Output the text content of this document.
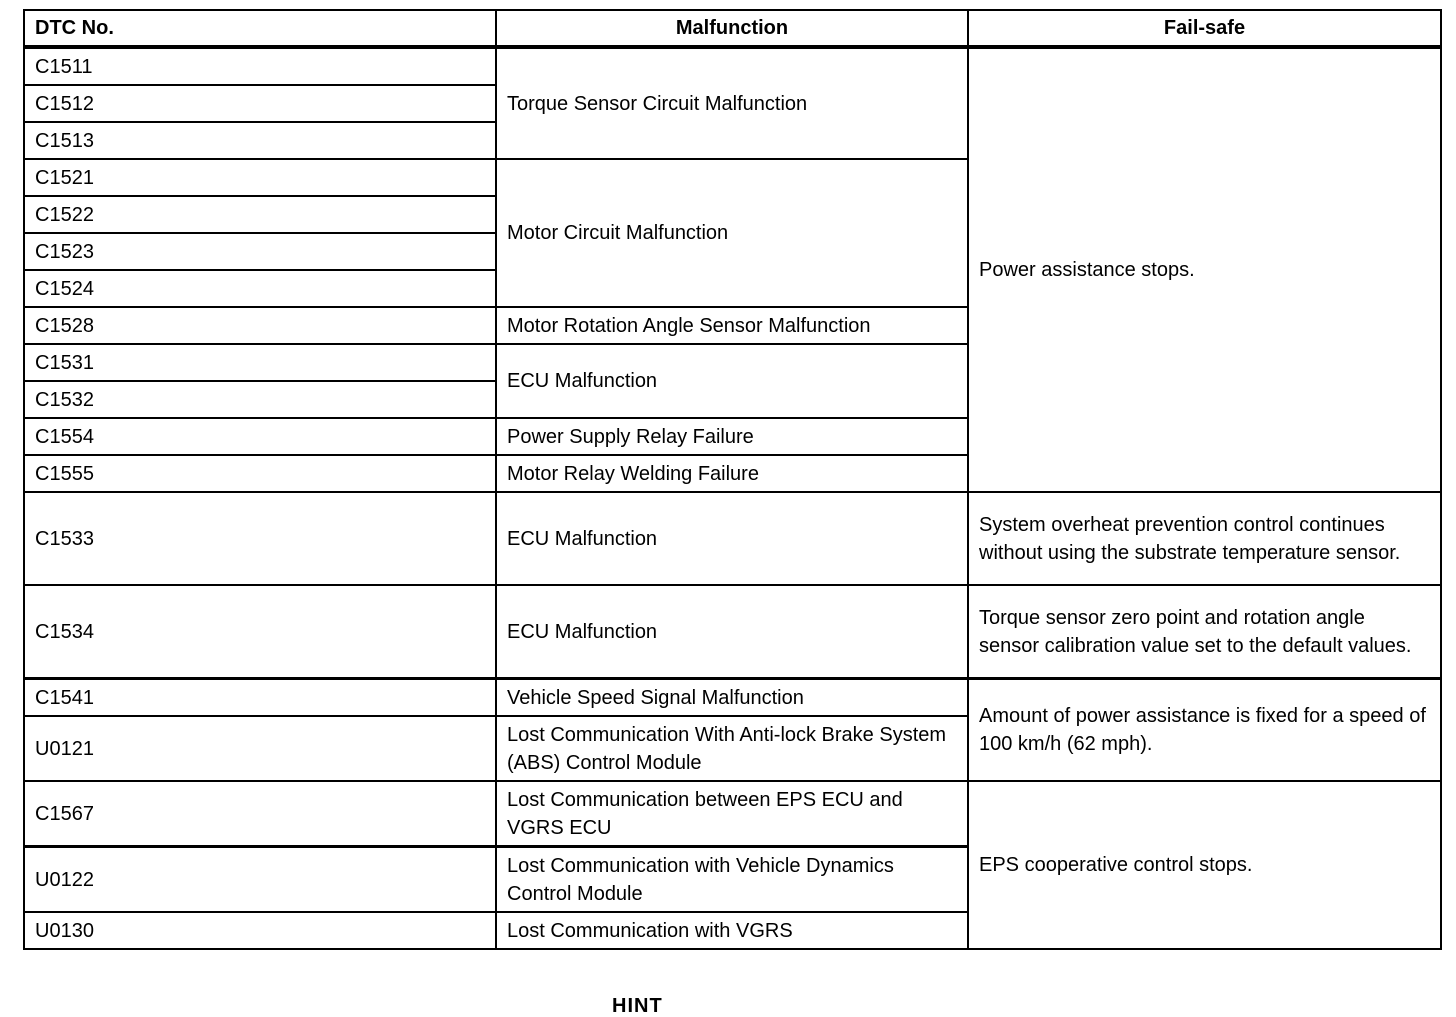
DTC No.	Malfunction	Fail-safe
C1511	Torque Sensor Circuit Malfunction	Power assistance stops.
C1512		
C1513		
C1521	Motor Circuit Malfunction	
C1522		
C1523		
C1524		
C1528	Motor Rotation Angle Sensor Malfunction	
C1531	ECU Malfunction	
C1532		
C1554	Power Supply Relay Failure	
C1555	Motor Relay Welding Failure	
C1533	ECU Malfunction	System overheat prevention control continues without using the substrate temperature sensor.
C1534	ECU Malfunction	Torque sensor zero point and rotation angle sensor calibration value set to the default values.
C1541	Vehicle Speed Signal Malfunction	Amount of power assistance is fixed for a speed of 100 km/h (62 mph).
U0121	Lost Communication With Anti-lock Brake System (ABS) Control Module	
C1567	Lost Communication between EPS ECU and VGRS ECU	EPS cooperative control stops.
U0122	Lost Communication with Vehicle Dynamics Control Module	
U0130	Lost Communication with VGRS	
HINT
